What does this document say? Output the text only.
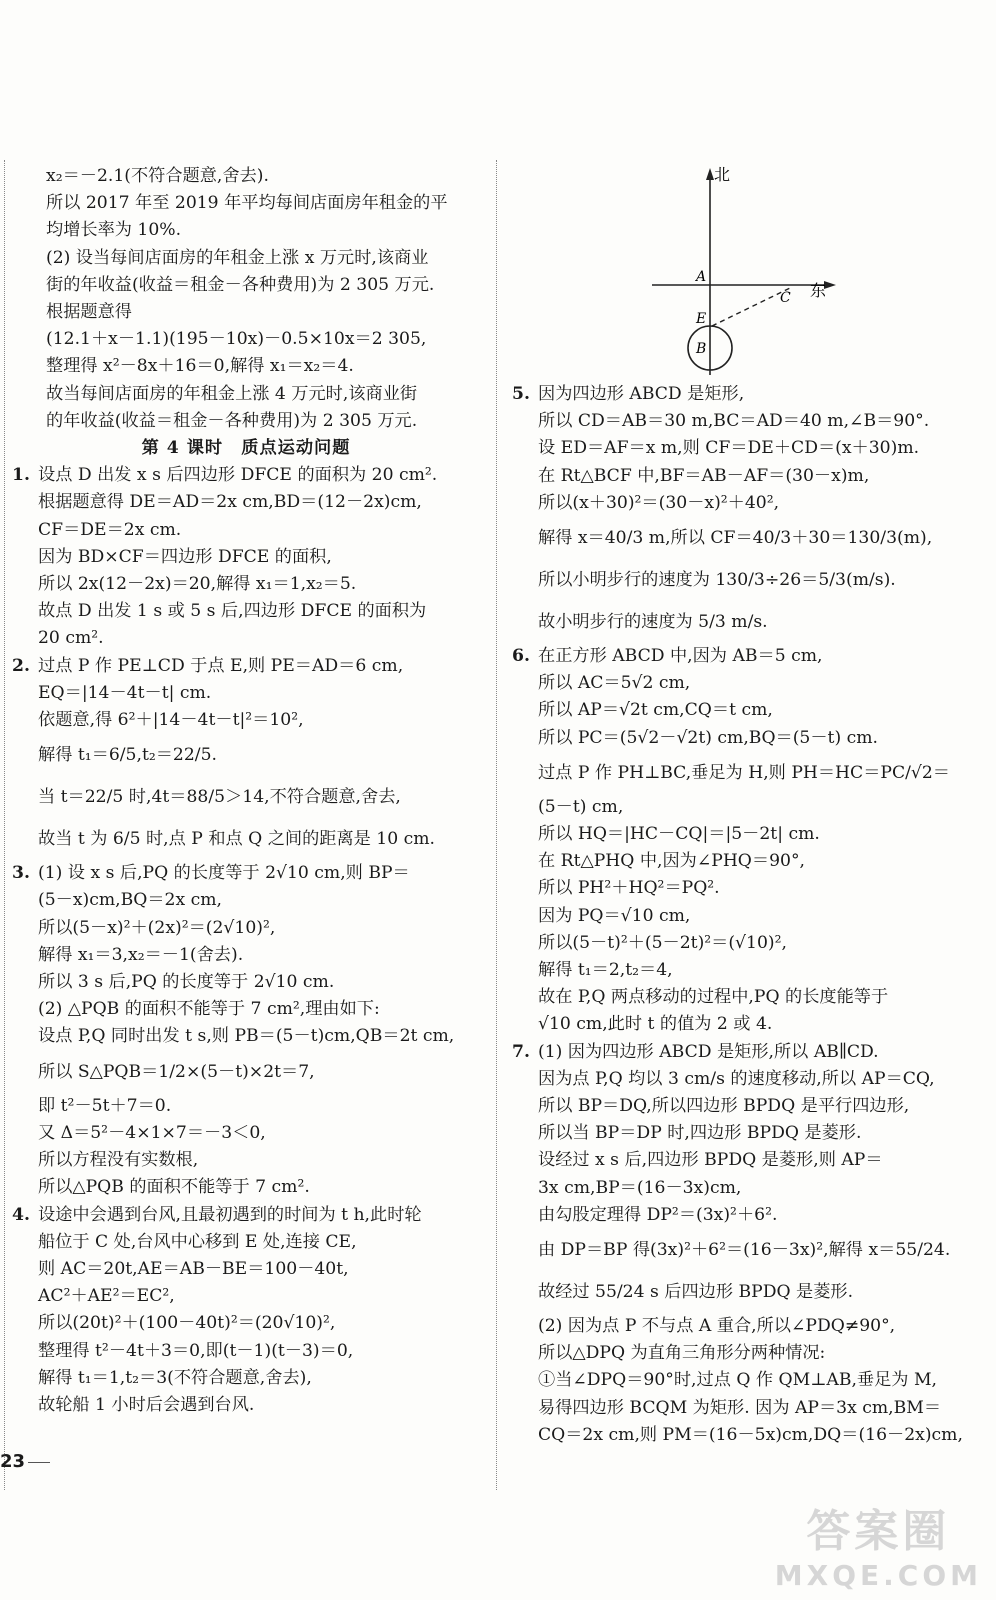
x₂＝－2.1(不符合题意,舍去).
所以 2017 年至 2019 年平均每间店面房年租金的平
均增长率为 10%.
(2) 设当每间店面房的年租金上涨 x 万元时,该商业
街的年收益(收益＝租金－各种费用)为 2 305 万元.
根据题意得
(12.1＋x－1.1)(195－10x)－0.5×10x＝2 305,
整理得 x²－8x＋16＝0,解得 x₁＝x₂＝4.
故当每间店面房的年租金上涨 4 万元时,该商业街
的年收益(收益＝租金－各种费用)为 2 305 万元.
第 4 课时　质点运动问题
1. 设点 D 出发 x s 后四边形 DFCE 的面积为 20 cm².
根据题意得 DE＝AD＝2x cm,BD＝(12－2x)cm,
CF＝DE＝2x cm.
因为 BD×CF＝四边形 DFCE 的面积,
所以 2x(12－2x)＝20,解得 x₁＝1,x₂＝5.
故点 D 出发 1 s 或 5 s 后,四边形 DFCE 的面积为
20 cm².
2. 过点 P 作 PE⊥CD 于点 E,则 PE＝AD＝6 cm,
EQ＝|14－4t－t| cm.
依题意,得 6²＋|14－4t－t|²＝10²,
解得 t₁＝6/5,t₂＝22/5.
当 t＝22/5 时,4t＝88/5＞14,不符合题意,舍去,
故当 t 为 6/5 时,点 P 和点 Q 之间的距离是 10 cm.
3. (1) 设 x s 后,PQ 的长度等于 2√10 cm,则 BP＝
(5－x)cm,BQ＝2x cm,
所以(5－x)²＋(2x)²＝(2√10)²,
解得 x₁＝3,x₂＝－1(舍去).
所以 3 s 后,PQ 的长度等于 2√10 cm.
(2) △PQB 的面积不能等于 7 cm²,理由如下:
设点 P,Q 同时出发 t s,则 PB＝(5－t)cm,QB＝2t cm,
所以 S△PQB＝1/2×(5－t)×2t＝7,
即 t²－5t＋7＝0.
又 Δ＝5²－4×1×7＝－3＜0,
所以方程没有实数根,
所以△PQB 的面积不能等于 7 cm².
4. 设途中会遇到台风,且最初遇到的时间为 t h,此时轮
船位于 C 处,台风中心移到 E 处,连接 CE,
则 AC＝20t,AE＝AB－BE＝100－40t,
AC²＋AE²＝EC²,
所以(20t)²＋(100－40t)²＝(20√10)²,
整理得 t²－4t＋3＝0,即(t－1)(t－3)＝0,
解得 t₁＝1,t₂＝3(不符合题意,舍去),
故轮船 1 小时后会遇到台风.
5. 因为四边形 ABCD 是矩形,
所以 CD＝AB＝30 m,BC＝AD＝40 m,∠B＝90°.
设 ED＝AF＝x m,则 CF＝DE＋CD＝(x＋30)m.
在 Rt△BCF 中,BF＝AB－AF＝(30－x)m,
所以(x＋30)²＝(30－x)²＋40²,
解得 x＝40/3 m,所以 CF＝40/3＋30＝130/3(m),
所以小明步行的速度为 130/3÷26＝5/3(m/s).
故小明步行的速度为 5/3 m/s.
6. 在正方形 ABCD 中,因为 AB＝5 cm,
所以 AC＝5√2 cm,
所以 AP＝√2t cm,CQ＝t cm,
所以 PC＝(5√2－√2t) cm,BQ＝(5－t) cm.
过点 P 作 PH⊥BC,垂足为 H,则 PH＝HC＝PC/√2＝
(5－t) cm,
所以 HQ＝|HC－CQ|＝|5－2t| cm.
在 Rt△PHQ 中,因为∠PHQ＝90°,
所以 PH²＋HQ²＝PQ².
因为 PQ＝√10 cm,
所以(5－t)²＋(5－2t)²＝(√10)²,
解得 t₁＝2,t₂＝4,
故在 P,Q 两点移动的过程中,PQ 的长度能等于
√10 cm,此时 t 的值为 2 或 4.
7. (1) 因为四边形 ABCD 是矩形,所以 AB∥CD.
因为点 P,Q 均以 3 cm/s 的速度移动,所以 AP＝CQ,
所以 BP＝DQ,所以四边形 BPDQ 是平行四边形,
所以当 BP＝DP 时,四边形 BPDQ 是菱形.
设经过 x s 后,四边形 BPDQ 是菱形,则 AP＝
3x cm,BP＝(16－3x)cm,
由勾股定理得 DP²＝(3x)²＋6².
由 DP＝BP 得(3x)²＋6²＝(16－3x)²,解得 x＝55/24.
故经过 55/24 s 后四边形 BPDQ 是菱形.
(2) 因为点 P 不与点 A 重合,所以∠PDQ≠90°,
所以△DPQ 为直角三角形分两种情况:
①当∠DPQ＝90°时,过点 Q 作 QM⊥AB,垂足为 M,
易得四边形 BCQM 为矩形. 因为 AP＝3x cm,BM＝
CQ＝2x cm,则 PM＝(16－5x)cm,DQ＝(16－2x)cm,
北
东
A
C
E
B
23
答案圈
MXQE.COM
